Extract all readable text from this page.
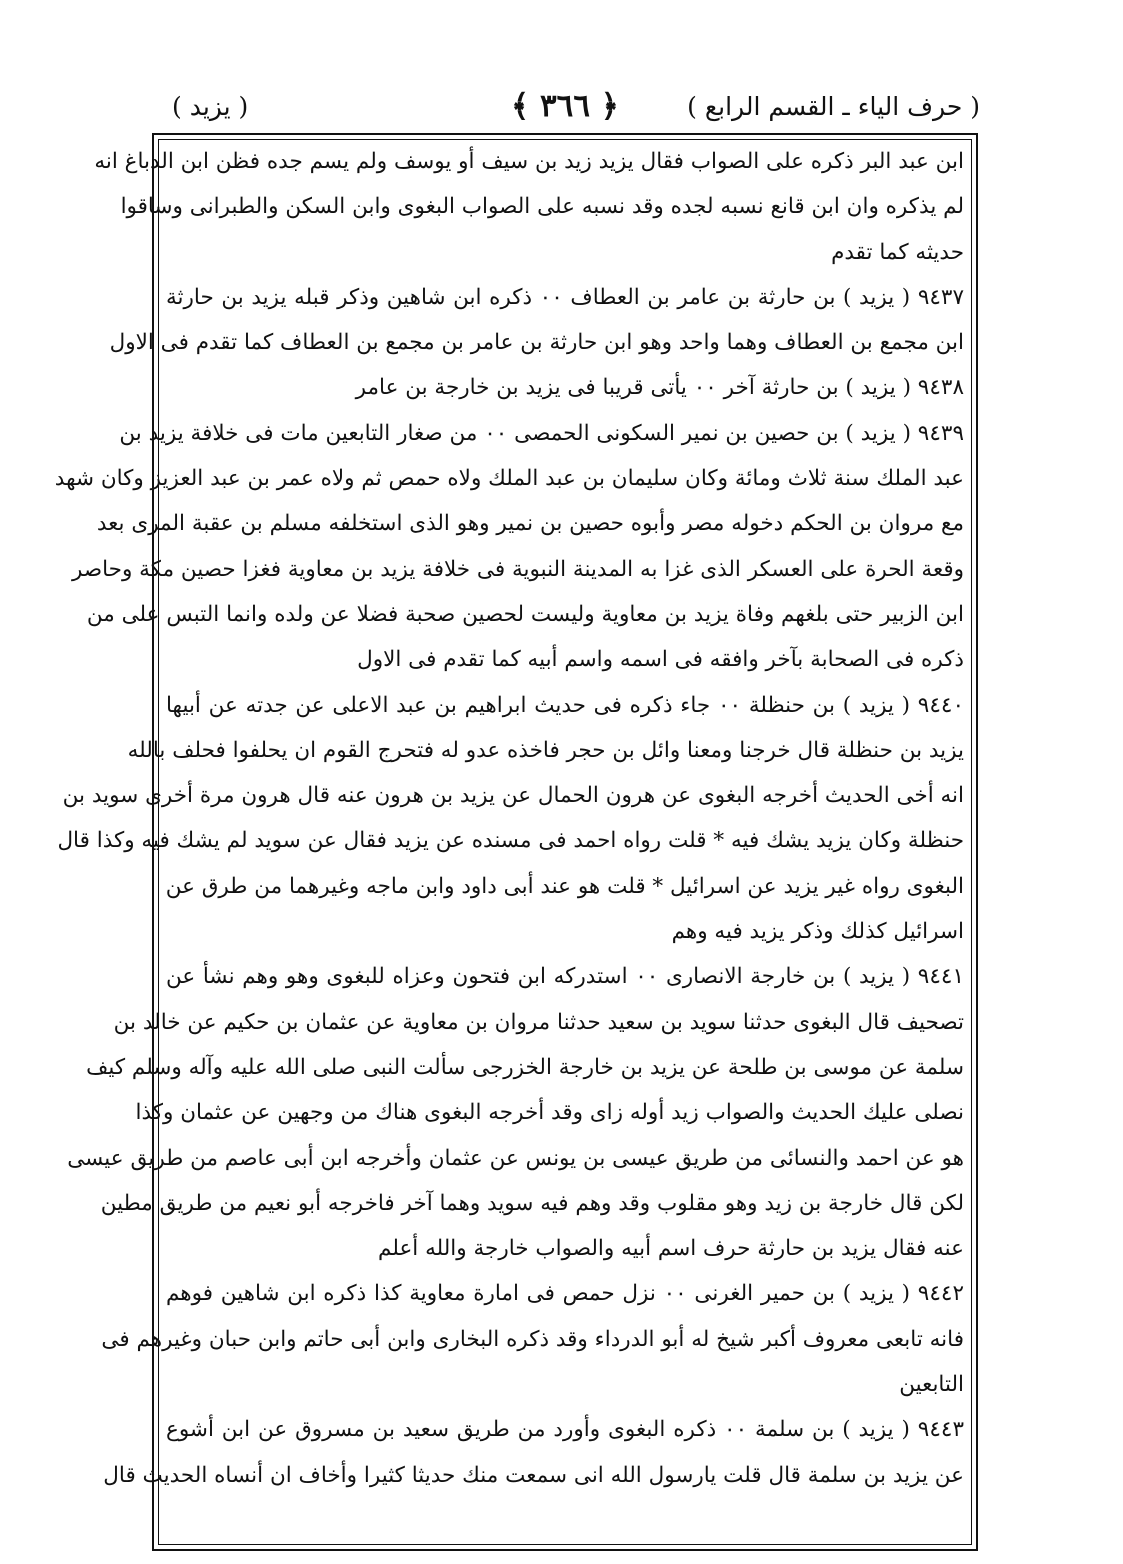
( حرف الياء ـ القسم الرابع )
﴿ ٣٦٦ ﴾
( يزيد )
ابن عبد البر ذكره على الصواب فقال يزيد زيد بن سيف أو يوسف ولم يسم جده فظن ابن الدباغ انه
لم يذكره وان ابن قانع نسبه لجده وقد نسبه على الصواب البغوى وابن السكن والطبرانى وساقوا
حديثه كما تقدم
٩٤٣٧ ( يزيد ) بن حارثة بن عامر بن العطاف ٠٠ ذكره ابن شاهين وذكر قبله يزيد بن حارثة
ابن مجمع بن العطاف وهما واحد وهو ابن حارثة بن عامر بن مجمع بن العطاف كما تقدم فى الاول
٩٤٣٨ ( يزيد ) بن حارثة آخر ٠٠ يأتى قريبا فى يزيد بن خارجة بن عامر
٩٤٣٩ ( يزيد ) بن حصين بن نمير السكونى الحمصى ٠٠ من صغار التابعين مات فى خلافة يزيد بن
عبد الملك سنة ثلاث ومائة وكان سليمان بن عبد الملك ولاه حمص ثم ولاه عمر بن عبد العزيز وكان شهد
مع مروان بن الحكم دخوله مصر وأبوه حصين بن نمير وهو الذى استخلفه مسلم بن عقبة المرى بعد
وقعة الحرة على العسكر الذى غزا به المدينة النبوية فى خلافة يزيد بن معاوية فغزا حصين مكة وحاصر
ابن الزبير حتى بلغهم وفاة يزيد بن معاوية وليست لحصين صحبة فضلا عن ولده وانما التبس على من
ذكره فى الصحابة بآخر وافقه فى اسمه واسم أبيه كما تقدم فى الاول
٩٤٤٠ ( يزيد ) بن حنظلة ٠٠ جاء ذكره فى حديث ابراهيم بن عبد الاعلى عن جدته عن أبيها
يزيد بن حنظلة قال خرجنا ومعنا وائل بن حجر فاخذه عدو له فتحرج القوم ان يحلفوا فحلف بالله
انه أخى الحديث أخرجه البغوى عن هرون الحمال عن يزيد بن هرون عنه قال هرون مرة أخرى سويد بن
حنظلة وكان يزيد يشك فيه * قلت رواه احمد فى مسنده عن يزيد فقال عن سويد لم يشك فيه وكذا قال
البغوى رواه غير يزيد عن اسرائيل * قلت هو عند أبى داود وابن ماجه وغيرهما من طرق عن
اسرائيل كذلك وذكر يزيد فيه وهم
٩٤٤١ ( يزيد ) بن خارجة الانصارى ٠٠ استدركه ابن فتحون وعزاه للبغوى وهو وهم نشأ عن
تصحيف قال البغوى حدثنا سويد بن سعيد حدثنا مروان بن معاوية عن عثمان بن حكيم عن خالد بن
سلمة عن موسى بن طلحة عن يزيد بن خارجة الخزرجى سألت النبى صلى الله عليه وآله وسلم كيف
نصلى عليك الحديث والصواب زيد أوله زاى وقد أخرجه البغوى هناك من وجهين عن عثمان وكذا
هو عن احمد والنسائى من طريق عيسى بن يونس عن عثمان وأخرجه ابن أبى عاصم من طريق عيسى
لكن قال خارجة بن زيد وهو مقلوب وقد وهم فيه سويد وهما آخر فاخرجه أبو نعيم من طريق مطين
عنه فقال يزيد بن حارثة حرف اسم أبيه والصواب خارجة والله أعلم
٩٤٤٢ ( يزيد ) بن حمير الغرنى ٠٠ نزل حمص فى امارة معاوية كذا ذكره ابن شاهين فوهم
فانه تابعى معروف أكبر شيخ له أبو الدرداء وقد ذكره البخارى وابن أبى حاتم وابن حبان وغيرهم فى
التابعين
٩٤٤٣ ( يزيد ) بن سلمة ٠٠ ذكره البغوى وأورد من طريق سعيد بن مسروق عن ابن أشوع
عن يزيد بن سلمة قال قلت يارسول الله انى سمعت منك حديثا كثيرا وأخاف ان أنساه الحديث قال
